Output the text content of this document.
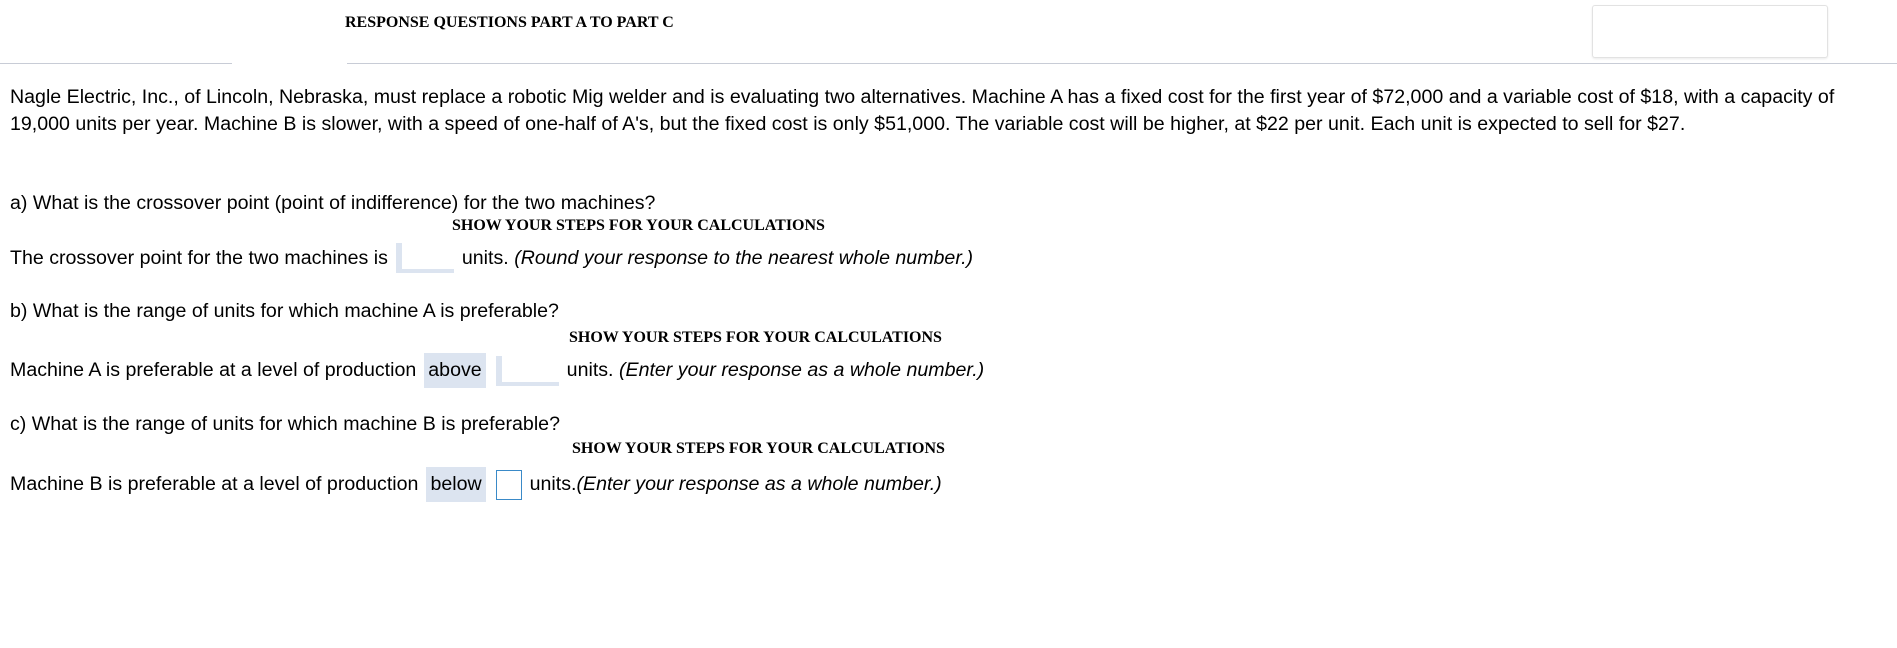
RESPONSE QUESTIONS PART A TO PART C
Nagle Electric, Inc., of Lincoln, Nebraska, must replace a robotic Mig welder and is evaluating two alternatives. Machine A has a fixed cost for the first year of $72,000 and a variable cost of $18, with a capacity of 19,000 units per year. Machine B is slower, with a speed of one-half of A's, but the fixed cost is only $51,000. The variable cost will be higher, at $22 per unit. Each unit is expected to sell for $27.
a) What is the crossover point (point of indifference) for the two machines?
SHOW YOUR STEPS FOR YOUR CALCULATIONS
The crossover point for the two machines is	units.
(Round your response to the nearest whole number.)
b) What is the range of units for which machine A is preferable?
SHOW YOUR STEPS FOR YOUR CALCULATIONS
Machine A is preferable at a level of production above	units.
(Enter your response as a whole number.)
c) What is the range of units for which machine B is preferable?
SHOW YOUR STEPS FOR YOUR CALCULATIONS
Machine B is preferable at a level of production below units. (Enter your response as a whole number.)
